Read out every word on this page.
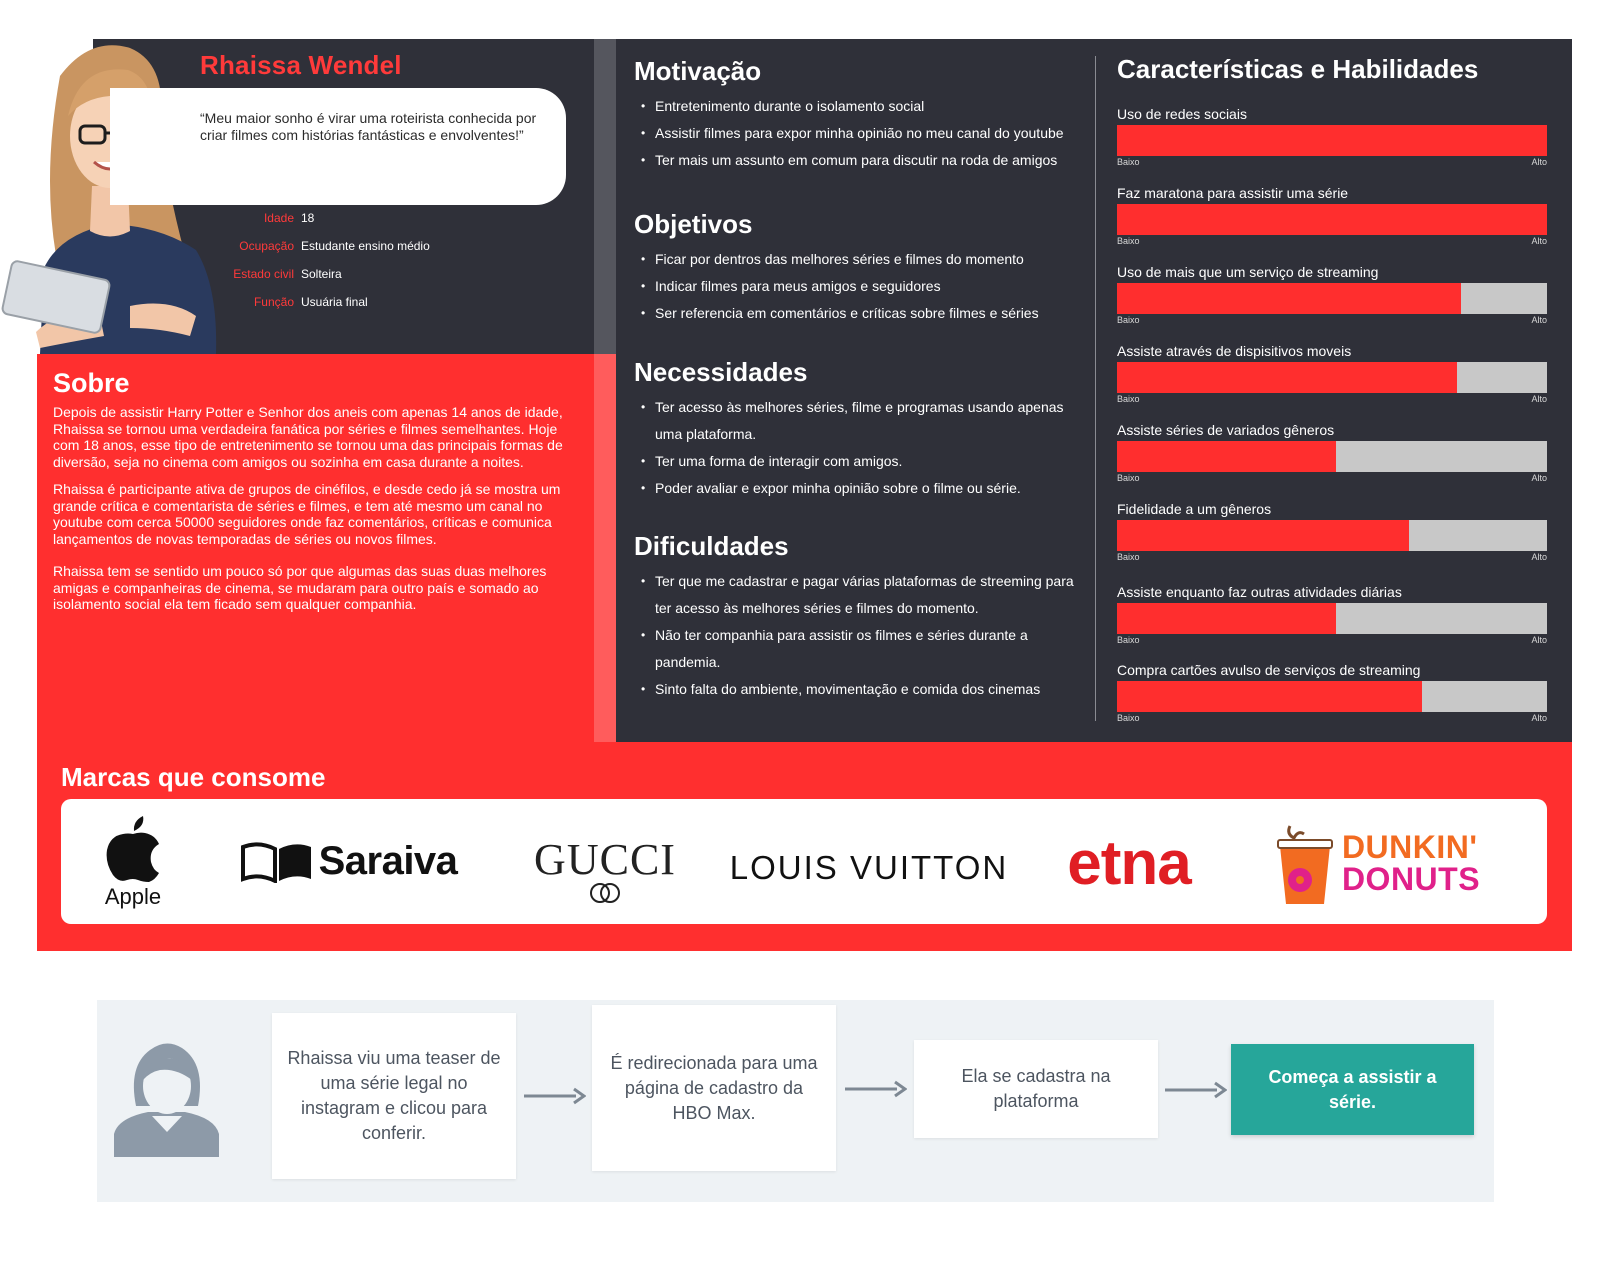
Rhaissa Wendel
“Meu maior sonho é virar uma roteirista conhecida por criar filmes com histórias fantásticas e envolventes!”
Idade 18
Ocupação Estudante ensino médio
Estado civil Solteira
Função Usuária final
Sobre

Depois de assistir Harry Potter e Senhor dos aneis com apenas 14 anos de idade, Rhaissa se tornou uma verdadeira fanática por séries e filmes semelhantes. Hoje com 18 anos, esse tipo de entretenimento se tornou uma das principais formas de diversão, seja no cinema com amigos ou sozinha em casa durante a noites.

Rhaissa é participante ativa de grupos de cinéfilos, e desde cedo já se mostra um grande crítica e comentarista de séries e filmes, e tem até mesmo um canal no youtube com cerca 50000 seguidores onde faz comentários, críticas e comunica lançamentos de novas temporadas de séries ou novos filmes.

Rhaissa tem se sentido um pouco só por que algumas das suas duas melhores amigas e companheiras de cinema, se mudaram para outro país e somado ao isolamento social ela tem ficado sem qualquer companhia.

Motivação
• Entretenimento durante o isolamento social
• Assistir filmes para expor minha opinião no meu canal do youtube
• Ter mais um assunto em comum para discutir na roda de amigos
Objetivos
• Ficar por dentros das melhores séries e filmes do momento
• Indicar filmes para meus amigos e seguidores
• Ser referencia em comentários e críticas sobre filmes e séries
Necessidades
• Ter acesso às melhores séries, filme e programas usando apenas uma plataforma.
• Ter uma forma de interagir com amigos.
• Poder avaliar e expor minha opinião sobre o filme ou série.
Dificuldades
• Ter que me cadastrar e pagar várias plataformas de streeming para ter acesso às melhores séries e filmes do momento.
• Não ter companhia para assistir os filmes e séries durante a pandemia.
• Sinto falta do ambiente, movimentação e comida dos cinemas
Características e Habilidades
Uso de redes sociais
Baixo	Alto
Faz maratona para assistir uma série
Baixo	Alto
Uso de mais que um serviço de streaming
Baixo	Alto
Assiste através de dispisitivos moveis
Baixo	Alto
Assiste séries de variados gêneros
Baixo	Alto
Fidelidade a um gêneros
Baixo	Alto
Assiste enquanto faz outras atividades diárias
Baixo	Alto
Compra cartões avulso de serviços de streaming
Baixo	Alto
Marcas que consome
Apple
Saraiva GUCCI LOUIS VUITTON etna	DUNKIN'
DONUTS
Rhaissa viu uma teaser de uma série legal no instagram e clicou para conferir.
É redirecionada para uma página de cadastro da HBO Max.
Ela se cadastra na plataforma
Começa a assistir a série.
